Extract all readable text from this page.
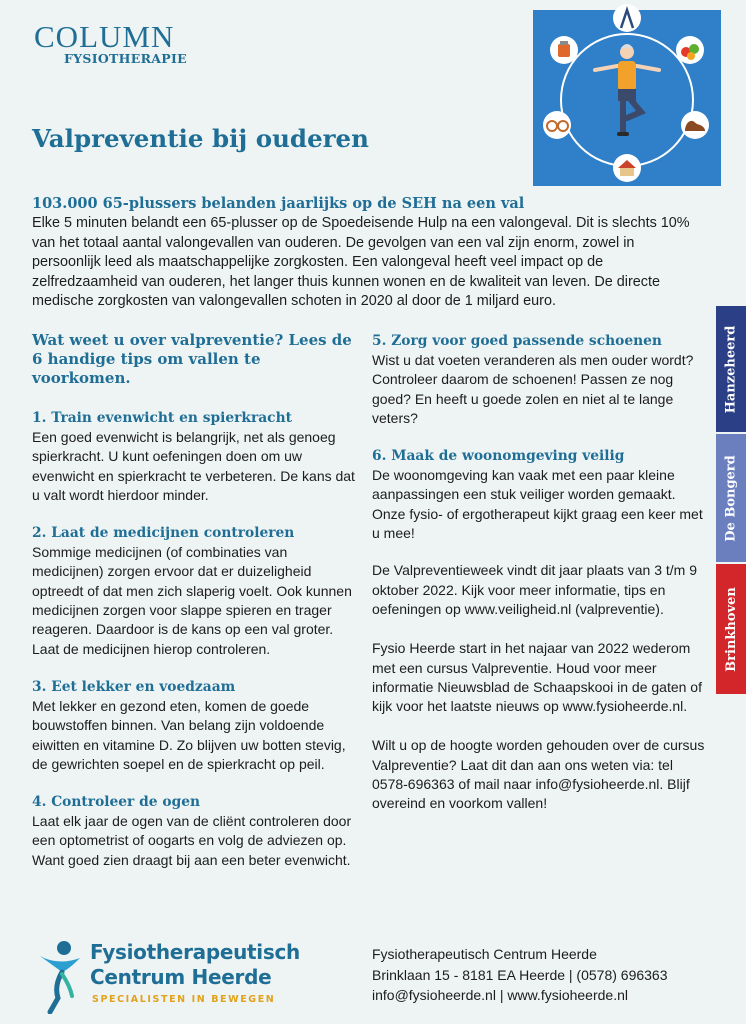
COLUMN
FYSIOTHERAPIE
Valpreventie bij ouderen
103.000 65-plussers belanden jaarlijks op de SEH na een val

Elke 5 minuten belandt een 65-plusser op de Spoedeisende Hulp na een valongeval. Dit is slechts 10% van het totaal aantal valongevallen van ouderen. De gevolgen van een val zijn enorm, zowel in persoonlijk leed als maatschappelijke zorgkosten. Een valongeval heeft veel impact op de zelfredzaamheid van ouderen, het langer thuis kunnen wonen en de kwaliteit van leven. De directe medische zorgkosten van valongevallen schoten in 2020 al door de 1 miljard euro.

Wat weet u over valpreventie? Lees de 6 handige tips om vallen te voorkomen.
1. Train evenwicht en spierkracht

Een goed evenwicht is belangrijk, net als genoeg spierkracht. U kunt oefeningen doen om uw evenwicht en spierkracht te verbeteren. De kans dat u valt wordt hierdoor minder.

2. Laat de medicijnen controleren

Sommige medicijnen (of combinaties van medicijnen) zorgen ervoor dat er duizeligheid optreedt of dat men zich slaperig voelt. Ook kunnen medicijnen zorgen voor slappe spieren en trager reageren. Daardoor is de kans op een val groter. Laat de medicijnen hierop controleren.

3. Eet lekker en voedzaam

Met lekker en gezond eten, komen de goede bouwstoffen binnen. Van belang zijn voldoende eiwitten en vitamine D. Zo blijven uw botten stevig, de gewrichten soepel en de spierkracht op peil.

4. Controleer de ogen

Laat elk jaar de ogen van de cliënt controleren door een optometrist of oogarts en volg de adviezen op. Want goed zien draagt bij aan een beter evenwicht.

5. Zorg voor goed passende schoenen

Wist u dat voeten veranderen als men ouder wordt? Controleer daarom de schoenen! Passen ze nog goed? En heeft u goede zolen en niet al te lange veters?

6. Maak de woonomgeving veilig

De woonomgeving kan vaak met een paar kleine aanpassingen een stuk veiliger worden gemaakt. Onze fysio- of ergotherapeut kijkt graag een keer met u mee!

De Valpreventieweek vindt dit jaar plaats van 3 t/m 9 oktober 2022. Kijk voor meer informatie, tips en oefeningen op www.veiligheid.nl (valpreventie).

Fysio Heerde start in het najaar van 2022 wederom met een cursus Valpreventie. Houd voor meer informatie Nieuwsblad de Schaapskooi in de gaten of kijk voor het laatste nieuws op www.fysioheerde.nl.

Wilt u op de hoogte worden gehouden over de cursus Valpreventie? Laat dit dan aan ons weten via: tel 0578-696363 of mail naar info@fysioheerde.nl. Blijf overeind en voorkom vallen!

Hanzeheerd
De Bongerd
Brinkhoven
Fysiotherapeutisch
Centrum Heerde
SPECIALISTEN IN BEWEGEN
Fysiotherapeutisch Centrum Heerde
Brinklaan 15 - 8181 EA Heerde | (0578) 696363
info@fysioheerde.nl | www.fysioheerde.nl
